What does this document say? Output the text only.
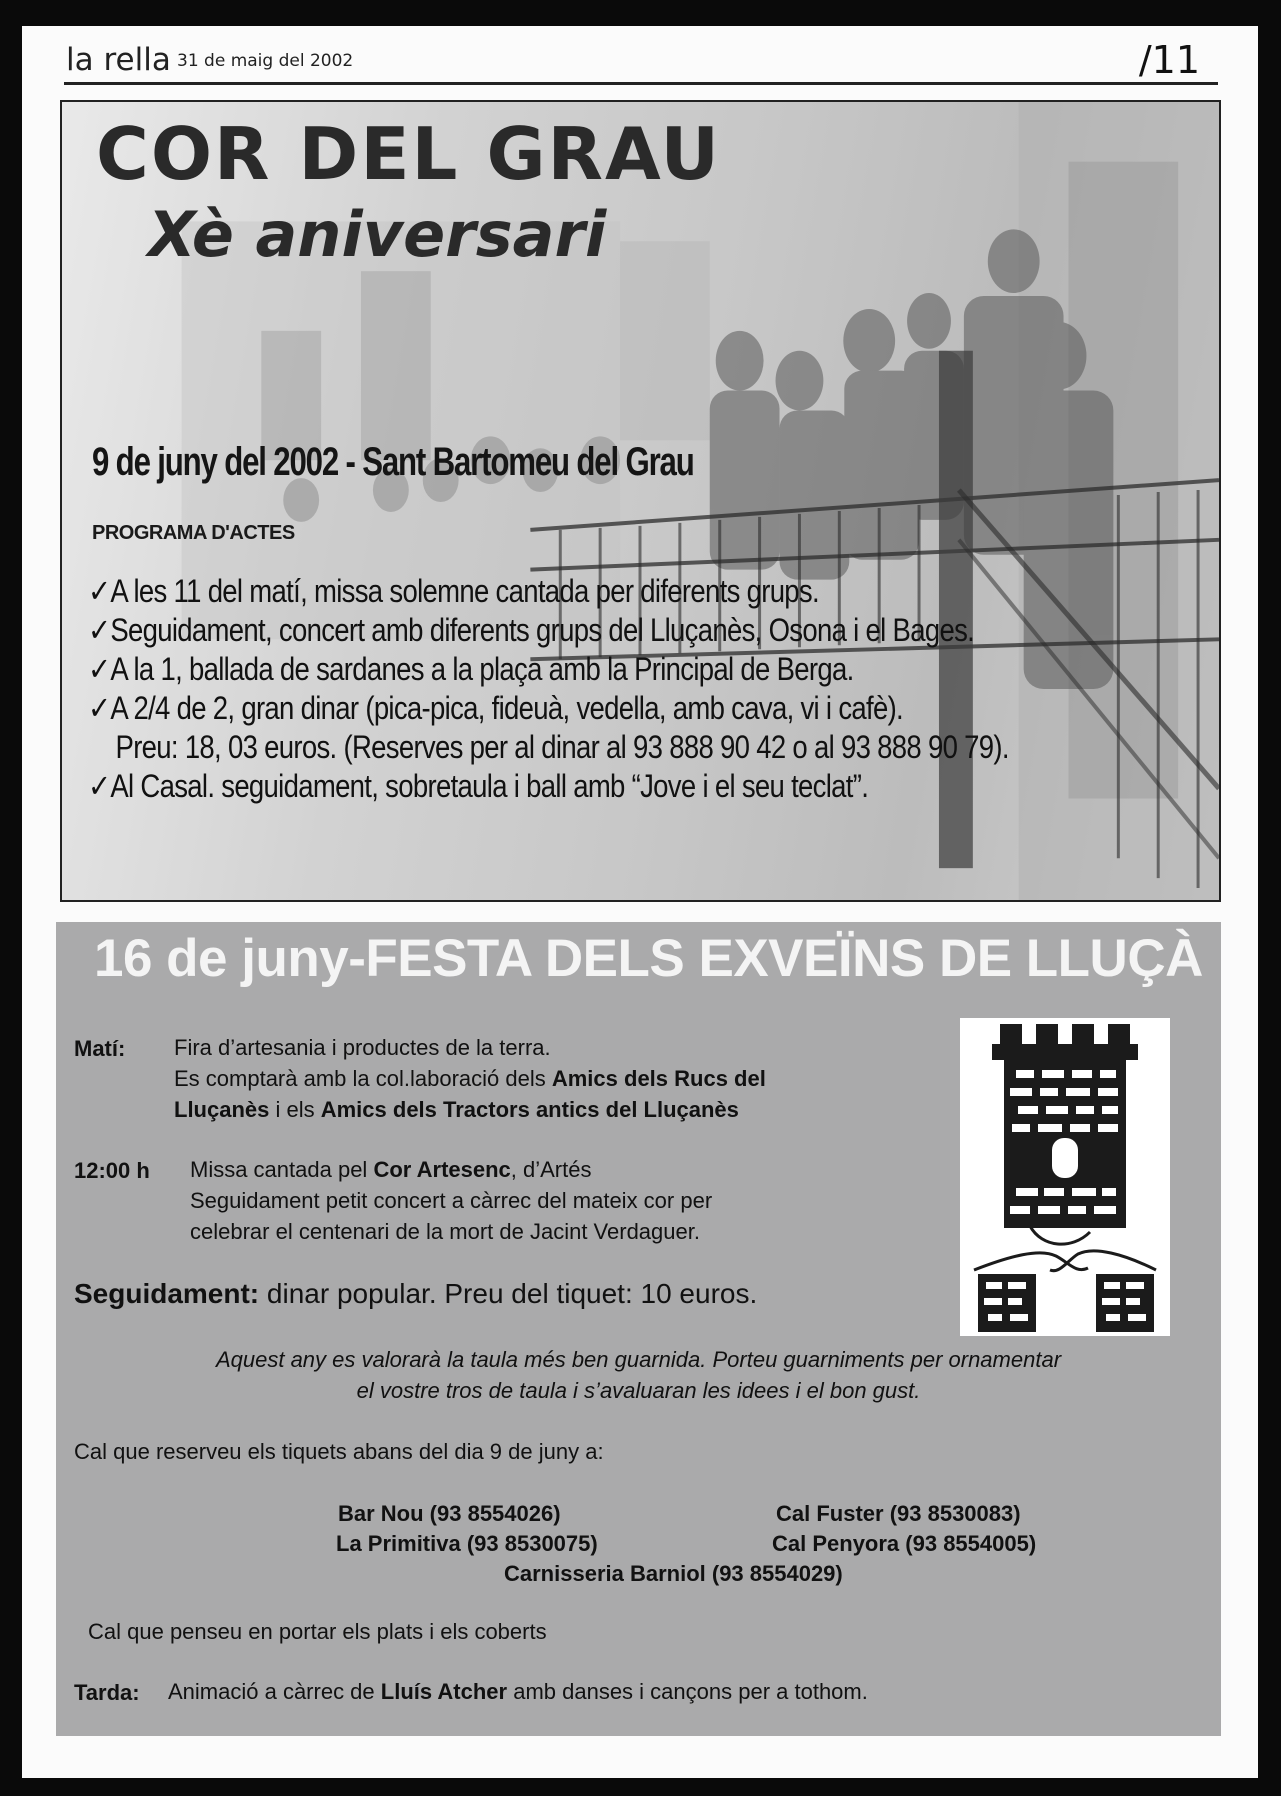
la rella 31 de maig del 2002	/11
COR DEL GRAU
Xè aniversari
9 de juny del 2002 - Sant Bartomeu del Grau
PROGRAMA D'ACTES
✓A les 11 del matí, missa solemne cantada per diferents grups.
✓Seguidament, concert amb diferents grups del Lluçanès, Osona i el Bages.
✓A la 1, ballada de sardanes a la plaça amb la Principal de Berga.
✓A 2/4 de 2, gran dinar (pica-pica, fideuà, vedella, amb cava, vi i cafè).
Preu: 18, 03 euros. (Reserves per al dinar al 93 888 90 42 o al 93 888 90 79).
✓Al Casal. seguidament, sobretaula i ball amb “Jove i el seu teclat”.
16 de juny-FESTA DELS EXVEÏNS DE LLUÇÀ
Matí: Fira d’artesania i productes de la terra.
Es comptarà amb la col.laboració dels Amics dels Rucs del
Lluçanès i els Amics dels Tractors antics del Lluçanès
12:00 h Missa cantada pel Cor Artesenc, d’Artés
Seguidament petit concert a càrrec del mateix cor per
celebrar el centenari de la mort de Jacint Verdaguer.
Seguidament: dinar popular. Preu del tiquet: 10 euros.
Aquest any es valorarà la taula més ben guarnida. Porteu guarniments per ornamentar
el vostre tros de taula i s’avaluaran les idees i el bon gust.
Cal que reserveu els tiquets abans del dia 9 de juny a:
Bar Nou (93 8554026)	Cal Fuster (93 8530083)
La Primitiva (93 8530075)	Cal Penyora (93 8554005)
Carnisseria Barniol (93 8554029)
Cal que penseu en portar els plats i els coberts
Tarda: Animació a càrrec de Lluís Atcher amb danses i cançons per a tothom.
